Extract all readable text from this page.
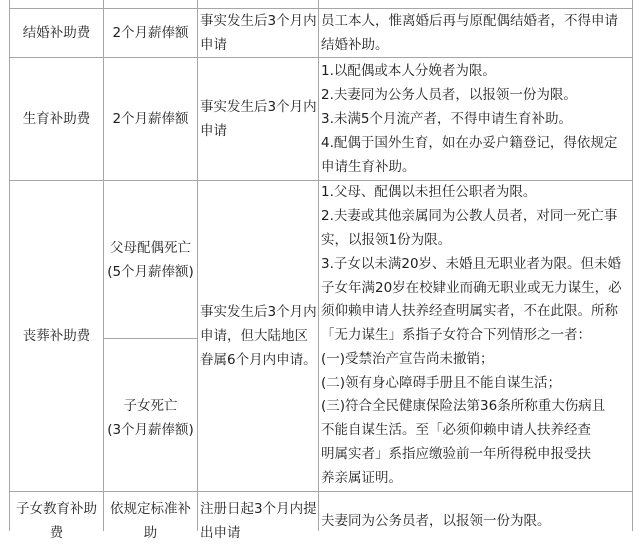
结婚补助费 2个月薪俸额
事实发生后3个月内
申请
员工本人，惟离婚后再与原配偶结婚者，不得申请
结婚补助。
生育补助费 2个月薪俸额
事实发生后3个月内
申请
1.以配偶或本人分娩者为限。
2.夫妻同为公务人员者，以报领一份为限。
3.未满5个月流产者，不得申请生育补助。
4.配偶于国外生育，如在办妥户籍登记，得依规定
申请生育补助。
丧葬补助费
父母配偶死亡
(5个月薪俸额)
子女死亡
(3个月薪俸额)
事实发生后3个月内
申请，但大陆地区
眷属6个月内申请。
1.父母、配偶以未担任公职者为限。
2.夫妻或其他亲属同为公教人员者，对同一死亡事
实，以报领1份为限。
3.子女以未满20岁、未婚且无职业者为限。但未婚
子女年满20岁在校肄业而确无职业或无力谋生，必
须仰赖申请人扶养经查明属实者，不在此限。所称
「无力谋生」系指子女符合下列情形之一者：
(一)受禁治产宣告尚未撤销；
(二)领有身心障碍手册且不能自谋生活；
(三)符合全民健康保险法第36条所称重大伤病且
不能自谋生活。至「必须仰赖申请人扶养经查
明属实者」系指应缴验前一年所得税申报受扶
养亲属证明。
子女教育补助
费
依规定标准补
助
注册日起3个月内提
出申请
夫妻同为公务员者，以报领一份为限。
